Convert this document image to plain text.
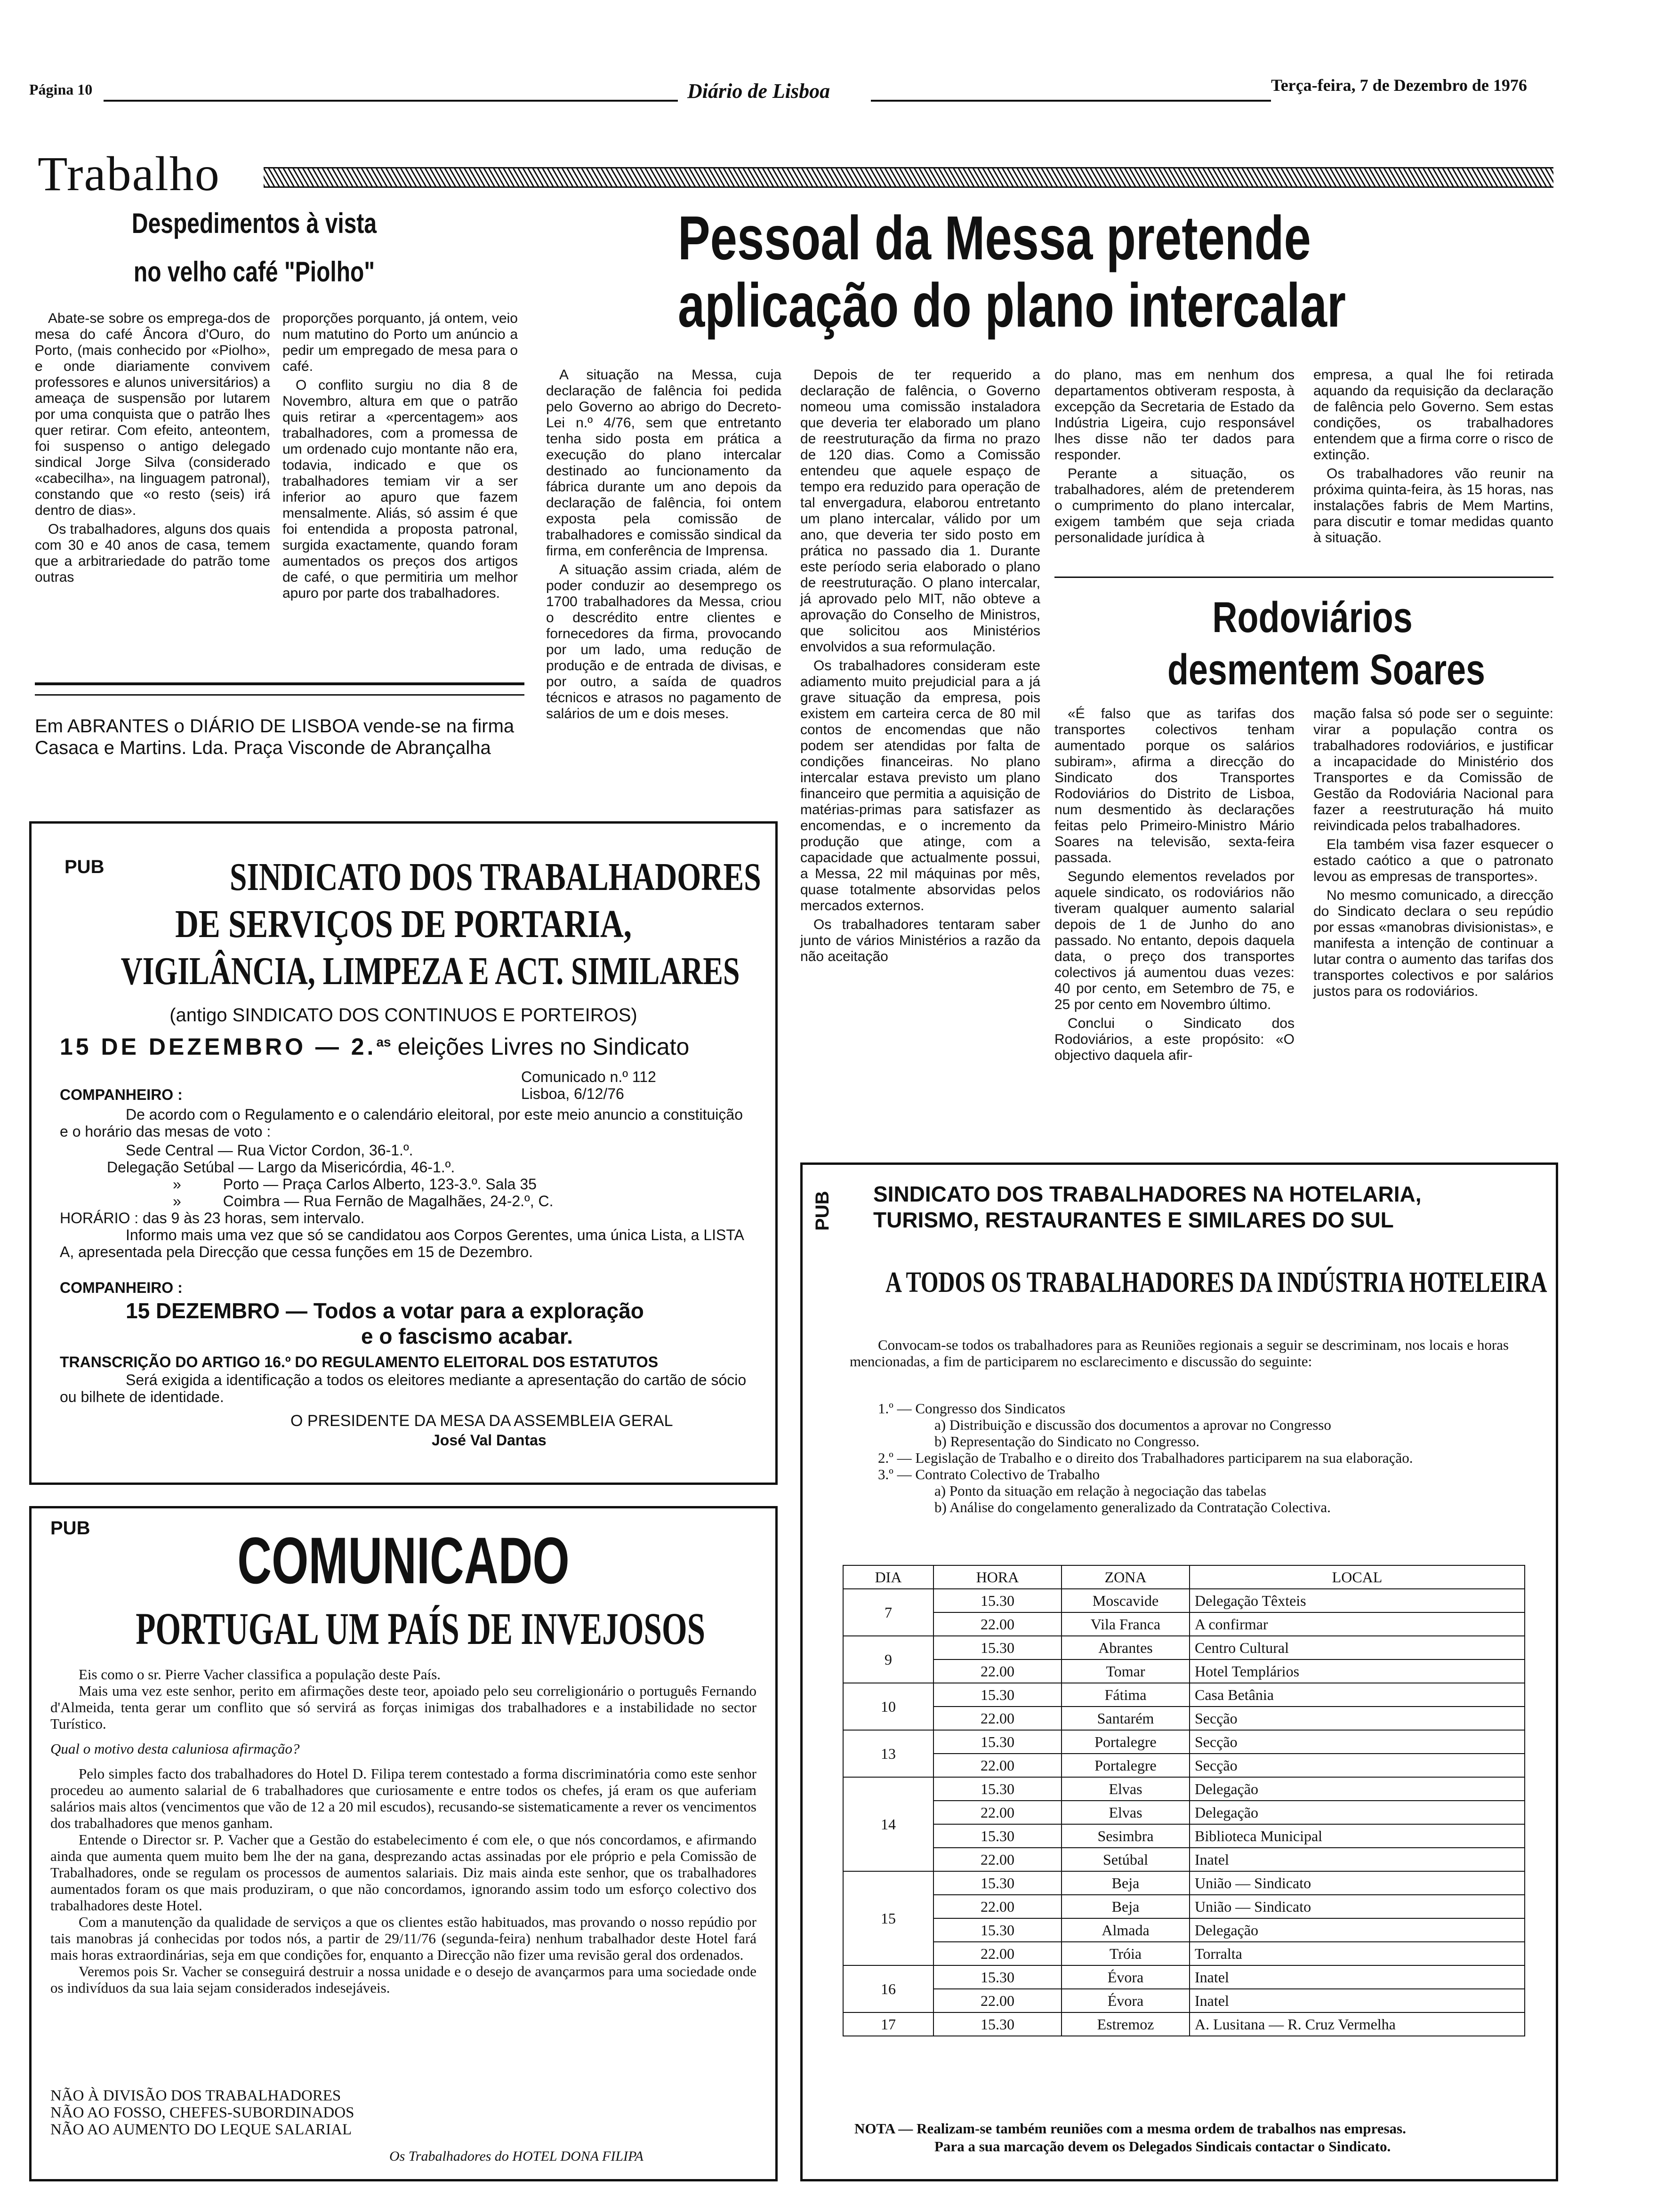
Página 10	Diário de Lisboa	Terça-feira, 7 de Dezembro de 1976
Trabalho
Despedimentos à vista
no velho café "Piolho"

Abate-se sobre os emprega-dos de mesa do café Âncora d'Ouro, do Porto, (mais conhecido por «Piolho», e onde diariamente convivem professores e alunos universitários) a ameaça de suspensão por lutarem por uma conquista que o patrão lhes quer retirar. Com efeito, anteontem, foi suspenso o antigo delegado sindical Jorge Silva (considerado «cabecilha», na linguagem patronal), constando que «o resto (seis) irá dentro de dias».

Os trabalhadores, alguns dos quais com 30 e 40 anos de casa, temem que a arbitrariedade do patrão tome outras

proporções porquanto, já ontem, veio num matutino do Porto um anúncio a pedir um empregado de mesa para o café.

O conflito surgiu no dia 8 de Novembro, altura em que o patrão quis retirar a «percentagem» aos trabalhadores, com a promessa de um ordenado cujo montante não era, todavia, indicado e que os trabalhadores temiam vir a ser inferior ao apuro que fazem mensalmente. Aliás, só assim é que foi entendida a proposta patronal, surgida exactamente, quando foram aumentados os preços dos artigos de café, o que permitiria um melhor apuro por parte dos trabalhadores.

Em ABRANTES o DIÁRIO DE LISBOA vende-se na firma Casaca e Martins. Lda. Praça Visconde de Abrançalha
Pessoal da Messa pretende
aplicação do plano intercalar

A situação na Messa, cuja declaração de falência foi pedida pelo Governo ao abrigo do Decreto-Lei n.º 4/76, sem que entretanto tenha sido posta em prática a execução do plano intercalar destinado ao funcionamento da fábrica durante um ano depois da declaração de falência, foi ontem exposta pela comissão de trabalhadores e comissão sindical da firma, em conferência de Imprensa.

A situação assim criada, além de poder conduzir ao desemprego os 1700 trabalhadores da Messa, criou o descrédito entre clientes e fornecedores da firma, provocando por um lado, uma redução de produção e de entrada de divisas, e por outro, a saída de quadros técnicos e atrasos no pagamento de salários de um e dois meses.

Depois de ter requerido a declaração de falência, o Governo nomeou uma comissão instaladora que deveria ter elaborado um plano de reestruturação da firma no prazo de 120 dias. Como a Comissão entendeu que aquele espaço de tempo era reduzido para operação de tal envergadura, elaborou entretanto um plano intercalar, válido por um ano, que deveria ter sido posto em prática no passado dia 1. Durante este período seria elaborado o plano de reestruturação. O plano intercalar, já aprovado pelo MIT, não obteve a aprovação do Conselho de Ministros, que solicitou aos Ministérios envolvidos a sua reformulação.

Os trabalhadores consideram este adiamento muito prejudicial para a já grave situação da empresa, pois existem em carteira cerca de 80 mil contos de encomendas que não podem ser atendidas por falta de condições financeiras. No plano intercalar estava previsto um plano financeiro que permitia a aquisição de matérias-primas para satisfazer as encomendas, e o incremento da produção que atinge, com a capacidade que actualmente possui, a Messa, 22 mil máquinas por mês, quase totalmente absorvidas pelos mercados externos.

Os trabalhadores tentaram saber junto de vários Ministérios a razão da não aceitação

do plano, mas em nenhum dos departamentos obtiveram resposta, à excepção da Secretaria de Estado da Indústria Ligeira, cujo responsável lhes disse não ter dados para responder.

Perante a situação, os trabalhadores, além de pretenderem o cumprimento do plano intercalar, exigem também que seja criada personalidade jurídica à

empresa, a qual lhe foi retirada aquando da requisição da declaração de falência pelo Governo. Sem estas condições, os trabalhadores entendem que a firma corre o risco de extinção.

Os trabalhadores vão reunir na próxima quinta-feira, às 15 horas, nas instalações fabris de Mem Martins, para discutir e tomar medidas quanto à situação.

Rodoviários
desmentem Soares

«É falso que as tarifas dos transportes colectivos tenham aumentado porque os salários subiram», afirma a direcção do Sindicato dos Transportes Rodoviários do Distrito de Lisboa, num desmentido às declarações feitas pelo Primeiro-Ministro Mário Soares na televisão, sexta-feira passada.

Segundo elementos revelados por aquele sindicato, os rodoviários não tiveram qualquer aumento salarial depois de 1 de Junho do ano passado. No entanto, depois daquela data, o preço dos transportes colectivos já aumentou duas vezes: 40 por cento, em Setembro de 75, e 25 por cento em Novembro último.

Conclui o Sindicato dos Rodoviários, a este propósito: «O objectivo daquela afir-

mação falsa só pode ser o seguinte: virar a população contra os trabalhadores rodoviários, e justificar a incapacidade do Ministério dos Transportes e da Comissão de Gestão da Rodoviária Nacional para fazer a reestruturação há muito reivindicada pelos trabalhadores.

Ela também visa fazer esquecer o estado caótico a que o patronato levou as empresas de transportes».

No mesmo comunicado, a direcção do Sindicato declara o seu repúdio por essas «manobras divisionistas», e manifesta a intenção de continuar a lutar contra o aumento das tarifas dos transportes colectivos e por salários justos para os rodoviários.

PUB	SINDICATO DOS TRABALHADORES
DE SERVIÇOS DE PORTARIA,
VIGILÂNCIA, LIMPEZA E ACT. SIMILARES
(antigo SINDICATO DOS CONTINUOS E PORTEIROS)
15 DE DEZEMBRO — 2.$^{as}$ eleições Livres no Sindicato
Comunicado n.º 112
Lisboa, 6/12/76
COMPANHEIRO :
De acordo com o Regulamento e o calendário eleitoral, por este meio anuncio a constituição e o horário das mesas de voto :
Sede Central — Rua Victor Cordon, 36-1.º.
Delegação Setúbal — Largo da Misericórdia, 46-1.º.
»          Porto — Praça Carlos Alberto, 123-3.º. Sala 35
»          Coimbra — Rua Fernão de Magalhães, 24-2.º, C.
HORÁRIO : das 9 às 23 horas, sem intervalo.
Informo mais uma vez que só se candidatou aos Corpos Gerentes, uma única Lista, a LISTA A, apresentada pela Direcção que cessa funções em 15 de Dezembro.
COMPANHEIRO :
15 DEZEMBRO — Todos a votar para a exploração
e o fascismo acabar.
TRANSCRIÇÃO DO ARTIGO 16.º DO REGULAMENTO ELEITORAL DOS ESTATUTOS
Será exigida a identificação a todos os eleitores mediante a apresentação do cartão de sócio ou bilhete de identidade.
O PRESIDENTE DA MESA DA ASSEMBLEIA GERAL
José Val Dantas
PUB	COMUNICADO
PORTUGAL UM PAÍS DE INVEJOSOS
Eis como o sr. Pierre Vacher classifica a população deste País.
Mais uma vez este senhor, perito em afirmações deste teor, apoiado pelo seu correligionário o português Fernando d'Almeida, tenta gerar um conflito que só servirá as forças inimigas dos trabalhadores e a instabilidade no sector Turístico.
Qual o motivo desta caluniosa afirmação?
Pelo simples facto dos trabalhadores do Hotel D. Filipa terem contestado a forma discriminatória como este senhor procedeu ao aumento salarial de 6 trabalhadores que curiosamente e entre todos os chefes, já eram os que auferiam salários mais altos (vencimentos que vão de 12 a 20 mil escudos), recusando-se sistematicamente a rever os vencimentos dos trabalhadores que menos ganham.
Entende o Director sr. P. Vacher que a Gestão do estabelecimento é com ele, o que nós concordamos, e afirmando ainda que aumenta quem muito bem lhe der na gana, desprezando actas assinadas por ele próprio e pela Comissão de Trabalhadores, onde se regulam os processos de aumentos salariais. Diz mais ainda este senhor, que os trabalhadores aumentados foram os que mais produziram, o que não concordamos, ignorando assim todo um esforço colectivo dos trabalhadores deste Hotel.
Com a manutenção da qualidade de serviços a que os clientes estão habituados, mas provando o nosso repúdio por tais manobras já conhecidas por todos nós, a partir de 29/11/76 (segunda-feira) nenhum trabalhador deste Hotel fará mais horas extraordinárias, seja em que condições for, enquanto a Direcção não fizer uma revisão geral dos ordenados.
Veremos pois Sr. Vacher se conseguirá destruir a nossa unidade e o desejo de avançarmos para uma sociedade onde os indivíduos da sua laia sejam considerados indesejáveis.
NÃO À DIVISÃO DOS TRABALHADORES
NÃO AO FOSSO, CHEFES-SUBORDINADOS
NÃO AO AUMENTO DO LEQUE SALARIAL
Os Trabalhadores do HOTEL DONA FILIPA
PUB SINDICATO DOS TRABALHADORES NA HOTELARIA,
TURISMO, RESTAURANTES E SIMILARES DO SUL
A TODOS OS TRABALHADORES DA INDÚSTRIA HOTELEIRA
Convocam-se todos os trabalhadores para as Reuniões regionais a seguir se descriminam, nos locais e horas mencionadas, a fim de participarem no esclarecimento e discussão do seguinte:
1.º — Congresso dos Sindicatos
a) Distribuição e discussão dos documentos a aprovar no Congresso
b) Representação do Sindicato no Congresso.
2.º — Legislação de Trabalho e o direito dos Trabalhadores participarem na sua elaboração.
3.º — Contrato Colectivo de Trabalho
a) Ponto da situação em relação à negociação das tabelas
b) Análise do congelamento generalizado da Contratação Colectiva.
DIA	HORA	ZONA	LOCAL
7	15.30	Moscavide	Delegação Têxteis
	22.00	Vila Franca	A confirmar
9	15.30	Abrantes	Centro Cultural
	22.00	Tomar	Hotel Templários
10	15.30	Fátima	Casa Betânia
	22.00	Santarém	Secção
13	15.30	Portalegre	Secção
	22.00	Portalegre	Secção
14	15.30	Elvas	Delegação
	22.00	Elvas	Delegação
	15.30	Sesimbra	Biblioteca Municipal
	22.00	Setúbal	Inatel
15	15.30	Beja	União — Sindicato
	22.00	Beja	União — Sindicato
	15.30	Almada	Delegação
	22.00	Tróia	Torralta
16	15.30	Évora	Inatel
	22.00	Évora	Inatel
17	15.30	Estremoz	A. Lusitana — R. Cruz Vermelha
NOTA — Realizam-se também reuniões com a mesma ordem de trabalhos nas empresas.
Para a sua marcação devem os Delegados Sindicais contactar o Sindicato.
